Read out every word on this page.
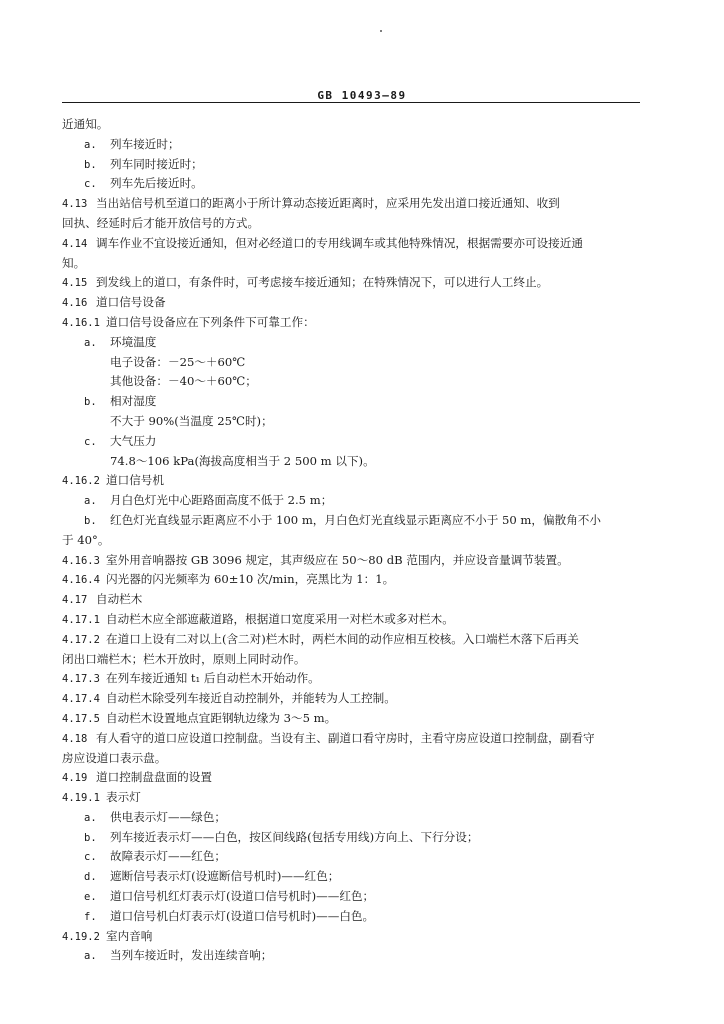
GB 10493—89
近通知。
a. 列车接近时；
b. 列车同时接近时；
c. 列车先后接近时。
4.13 当出站信号机至道口的距离小于所计算动态接近距离时，应采用先发出道口接近通知、收到
回执、经延时后才能开放信号的方式。
4.14 调车作业不宜设接近通知，但对必经道口的专用线调车或其他特殊情况，根据需要亦可设接近通
知。
4.15 到发线上的道口，有条件时，可考虑接车接近通知；在特殊情况下，可以进行人工终止。
4.16 道口信号设备
4.16.1 道口信号设备应在下列条件下可靠工作：
a. 环境温度
电子设备：－25～＋60℃
其他设备：－40～＋60℃；
b. 相对湿度
不大于 90%(当温度 25℃时)；
c. 大气压力
74.8～106 kPa(海拔高度相当于 2 500 m 以下)。
4.16.2 道口信号机
a. 月白色灯光中心距路面高度不低于 2.5 m；
b. 红色灯光直线显示距离应不小于 100 m，月白色灯光直线显示距离应不小于 50 m，偏散角不小
于 40°。
4.16.3 室外用音响器按 GB 3096 规定，其声级应在 50～80 dB 范围内，并应设音量调节装置。
4.16.4 闪光器的闪光频率为 60±10 次/min，亮黑比为 1：1。
4.17 自动栏木
4.17.1 自动栏木应全部遮蔽道路，根据道口宽度采用一对栏木或多对栏木。
4.17.2 在道口上设有二对以上(含二对)栏木时，两栏木间的动作应相互校核。入口端栏木落下后再关
闭出口端栏木；栏木开放时，原则上同时动作。
4.17.3 在列车接近通知 t₁ 后自动栏木开始动作。
4.17.4 自动栏木除受列车接近自动控制外，并能转为人工控制。
4.17.5 自动栏木设置地点宜距钢轨边缘为 3～5 m。
4.18 有人看守的道口应设道口控制盘。当设有主、副道口看守房时，主看守房应设道口控制盘，副看守
房应设道口表示盘。
4.19 道口控制盘盘面的设置
4.19.1 表示灯
a. 供电表示灯——绿色；
b. 列车接近表示灯——白色，按区间线路(包括专用线)方向上、下行分设；
c. 故障表示灯——红色；
d. 遮断信号表示灯(设遮断信号机时)——红色；
e. 道口信号机红灯表示灯(设道口信号机时)——红色；
f. 道口信号机白灯表示灯(设道口信号机时)——白色。
4.19.2 室内音响
a. 当列车接近时，发出连续音响；
